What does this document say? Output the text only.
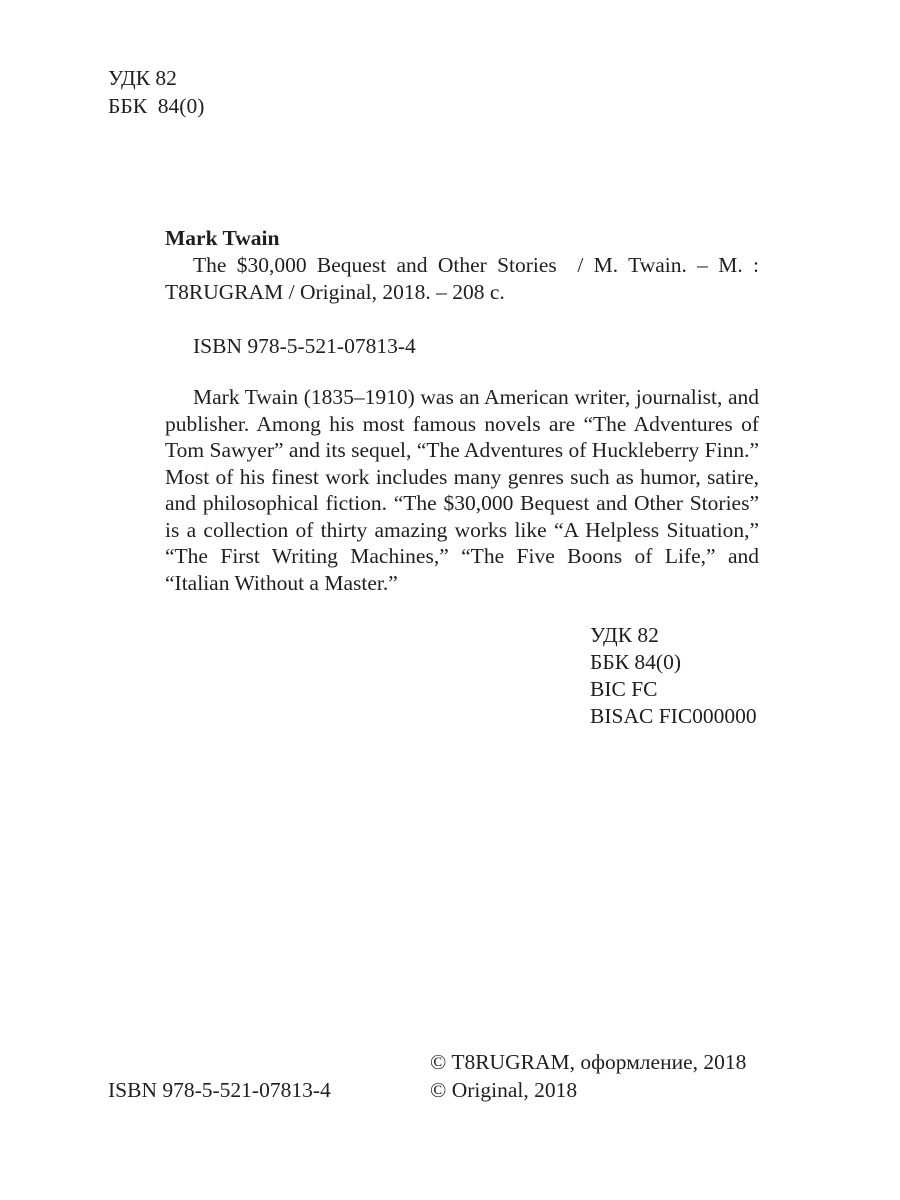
УДК 82
ББК  84(0)
Mark Twain
The $30,000 Bequest and Other Stories  / M. Twain. – M. : T8RUGRAM / Original, 2018. – 208 c.
ISBN 978-5-521-07813-4
Mark Twain (1835–1910) was an American writer, journalist, and publisher. Among his most famous novels are “The Adventures of Tom Sawyer” and its sequel, “The Adventures of Huckleberry Finn.” Most of his finest work includes many genres such as humor, satire, and philosophical fiction. “The $30,000 Bequest and Other Stories” is a collection of thirty amazing works like “A Helpless Situation,” “The First Writing Machines,” “The Five Boons of Life,” and “Italian Without a Master.”
УДК 82
ББК 84(0)
BIC FC
BISAC FIC000000
ISBN 978-5-521-07813-4
© T8RUGRAM, оформление, 2018
© Original, 2018
